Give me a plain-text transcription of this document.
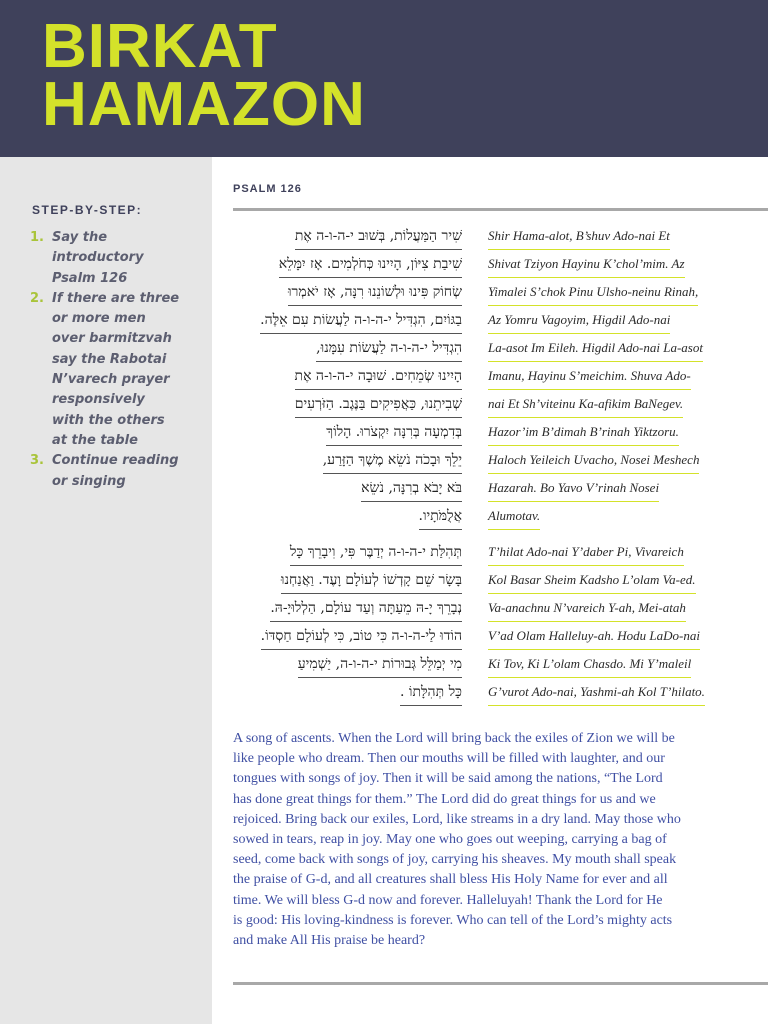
BIRKAT
HAMAZON
STEP-BY-STEP:
1. Say the
introductory
Psalm 126
2. If there are three
or more men
over barmitzvah
say the Rabotai
N’varech prayer
responsively
with the others
at the table
3. Continue reading
or singing
PSALM 126
שִׁיר הַמַּעֲלוֹת, בְּשׁוּב י-ה-ו-ה אֶת
שִׁיבַת צִיּוֹן, הָיִינוּ כְּחֹלְמִים. אָז יִמָּלֵא
שְׂחוֹק פִּינוּ וּלְשׁוֹנֵנוּ רִנָּה, אָז יֹאמְרוּ
בַגּוֹיִם, הִגְדִּיל י-ה-ו-ה לַעֲשׂוֹת עִם אֵלֶּה.
הִגְדִּיל י-ה-ו-ה לַעֲשׂוֹת עִמָּנוּ,
הָיִינוּ שְׂמֵחִים. שׁוּבָה י-ה-ו-ה אֶת
שְׁבִיתֵנוּ, כַּאֲפִיקִים בַּנֶּגֶב. הַזֹּרְעִים
בְּדִמְעָה בְּרִנָּה יִקְצֹרוּ. הָלוֹךְ
יֵלֵךְ וּבָכֹה נֹשֵׂא מֶשֶׁךְ הַזָּרַע,
בֹּא יָבֹא בְרִנָּה, נֹשֵׂא
אֲלֻמֹּתָיו.
Shir Hama-alot, B’shuv Ado-nai Et
Shivat Tziyon Hayinu K’chol’mim. Az
Yimalei S’chok Pinu Ulsho-neinu Rinah,
Az Yomru Vagoyim, Higdil Ado-nai
La-asot Im Eileh. Higdil Ado-nai La-asot
Imanu, Hayinu S’meichim. Shuva Ado-
nai Et Sh’viteinu Ka-afikim BaNegev.
Hazor’im B’dimah B’rinah Yiktzoru.
Haloch Yeileich Uvacho, Nosei Meshech
Hazarah. Bo Yavo V’rinah Nosei
Alumotav.
תְּהִלַּת י-ה-ו-ה יְדַבֶּר פִּי, וִיבָרֵךְ כָּל
בָּשָׂר שֵׁם קָדְשׁוֹ לְעוֹלָם וָעֶד. וַאֲנַחְנוּ
נְבָרֵךְ יָ-הּ מֵעַתָּה וְעַד עוֹלָם, הַלְלוּיָ-הּ.
הוֹדוּ לַי-ה-ו-ה כִּי טוֹב, כִּי לְעוֹלָם חַסְדּוֹ.
מִי יְמַלֵּל גְּבוּרוֹת י-ה-ו-ה, יַשְׁמִיעַ
כָּל תְּהִלָּתוֹ .
T’hilat Ado-nai Y’daber Pi, Vivareich
Kol Basar Sheim Kadsho L’olam Va-ed.
Va-anachnu N’vareich Y-ah, Mei-atah
V’ad Olam Halleluy-ah. Hodu LaDo-nai
Ki Tov, Ki L’olam Chasdo. Mi Y’maleil
G’vurot Ado-nai, Yashmi-ah Kol T’hilato.

A song of ascents. When the Lord will bring back the exiles of Zion we will be
like people who dream. Then our mouths will be filled with laughter, and our
tongues with songs of joy. Then it will be said among the nations, “The Lord
has done great things for them.” The Lord did do great things for us and we
rejoiced. Bring back our exiles, Lord, like streams in a dry land. May those who
sowed in tears, reap in joy. May one who goes out weeping, carrying a bag of
seed, come back with songs of joy, carrying his sheaves. My mouth shall speak
the praise of G-d, and all creatures shall bless His Holy Name for ever and all
time. We will bless G-d now and forever. Halleluyah! Thank the Lord for He
is good: His loving-kindness is forever. Who can tell of the Lord’s mighty acts
and make All His praise be heard?
